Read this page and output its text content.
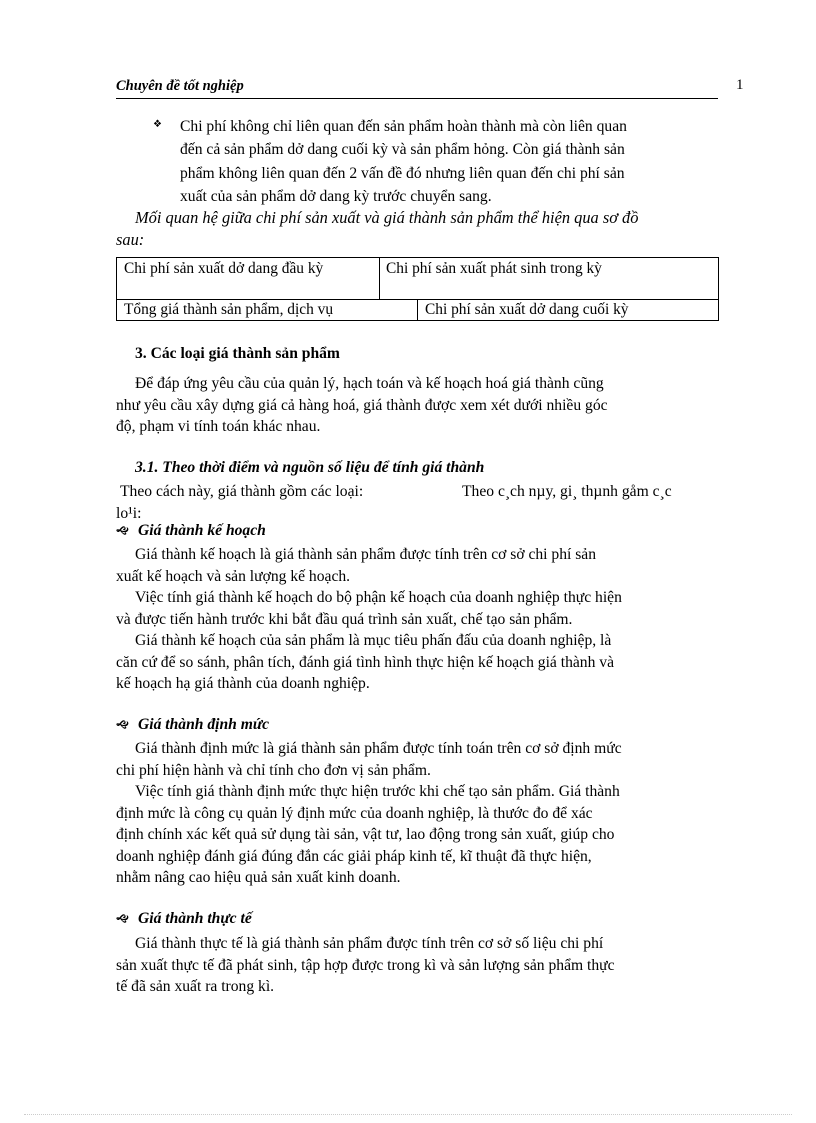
Chuyên đề tốt nghiệp	1
❖ Chi phí không chỉ liên quan đến sản phẩm hoàn thành mà còn liên quan
đến cả sản phẩm dở dang cuối kỳ và sản phẩm hỏng. Còn giá thành sản
phẩm không liên quan đến 2 vấn đề đó nhưng liên quan đến chi phí sản
xuất của sản phẩm dở dang kỳ trước chuyển sang.
Mối quan hệ giữa chi phí sản xuất và giá thành sản phẩm thể hiện qua sơ đồ
sau:
Chi phí sản xuất dở dang đầu kỳ	Chi phí sản xuất phát sinh trong kỳ
Tổng giá thành sản phẩm, dịch vụ	Chi phí sản xuất dở dang cuối kỳ
3. Các loại giá thành sản phẩm
Để đáp ứng yêu cầu của quản lý, hạch toán và kế hoạch hoá giá thành cũng
như yêu cầu xây dựng giá cả hàng hoá, giá thành được xem xét dưới nhiều góc
độ, phạm vi tính toán khác nhau.
3.1. Theo thời điểm và nguồn số liệu để tính giá thành
Theo cách này, giá thành gồm các loại:	Theo c¸ch nµy, gi¸ thµnh gåm c¸c
lo¹i:
🙙 Giá thành kế hoạch
Giá thành kế hoạch là giá thành sản phẩm được tính trên cơ sở chi phí sản
xuất kế hoạch và sản lượng kế hoạch.
Việc tính giá thành kế hoạch do bộ phận kế hoạch của doanh nghiệp thực hiện
và được tiến hành trước khi bắt đầu quá trình sản xuất, chế tạo sản phẩm.
Giá thành kế hoạch của sản phẩm là mục tiêu phấn đấu của doanh nghiệp, là
căn cứ để so sánh, phân tích, đánh giá tình hình thực hiện kế hoạch giá thành và
kế hoạch hạ giá thành của doanh nghiệp.
🙙 Giá thành định mức
Giá thành định mức là giá thành sản phẩm được tính toán trên cơ sở định mức
chi phí hiện hành và chỉ tính cho đơn vị sản phẩm.
Việc tính giá thành định mức thực hiện trước khi chế tạo sản phẩm. Giá thành
định mức là công cụ quản lý định mức của doanh nghiệp, là thước đo để xác
định chính xác kết quả sử dụng tài sản, vật tư, lao động trong sản xuất, giúp cho
doanh nghiệp đánh giá đúng đắn các giải pháp kinh tế, kĩ thuật đã thực hiện,
nhằm nâng cao hiệu quả sản xuất kinh doanh.
🙙 Giá thành thực tế
Giá thành thực tế là giá thành sản phẩm được tính trên cơ sở số liệu chi phí
sản xuất thực tế đã phát sinh, tập hợp được trong kì và sản lượng sản phẩm thực
tế đã sản xuất ra trong kì.
